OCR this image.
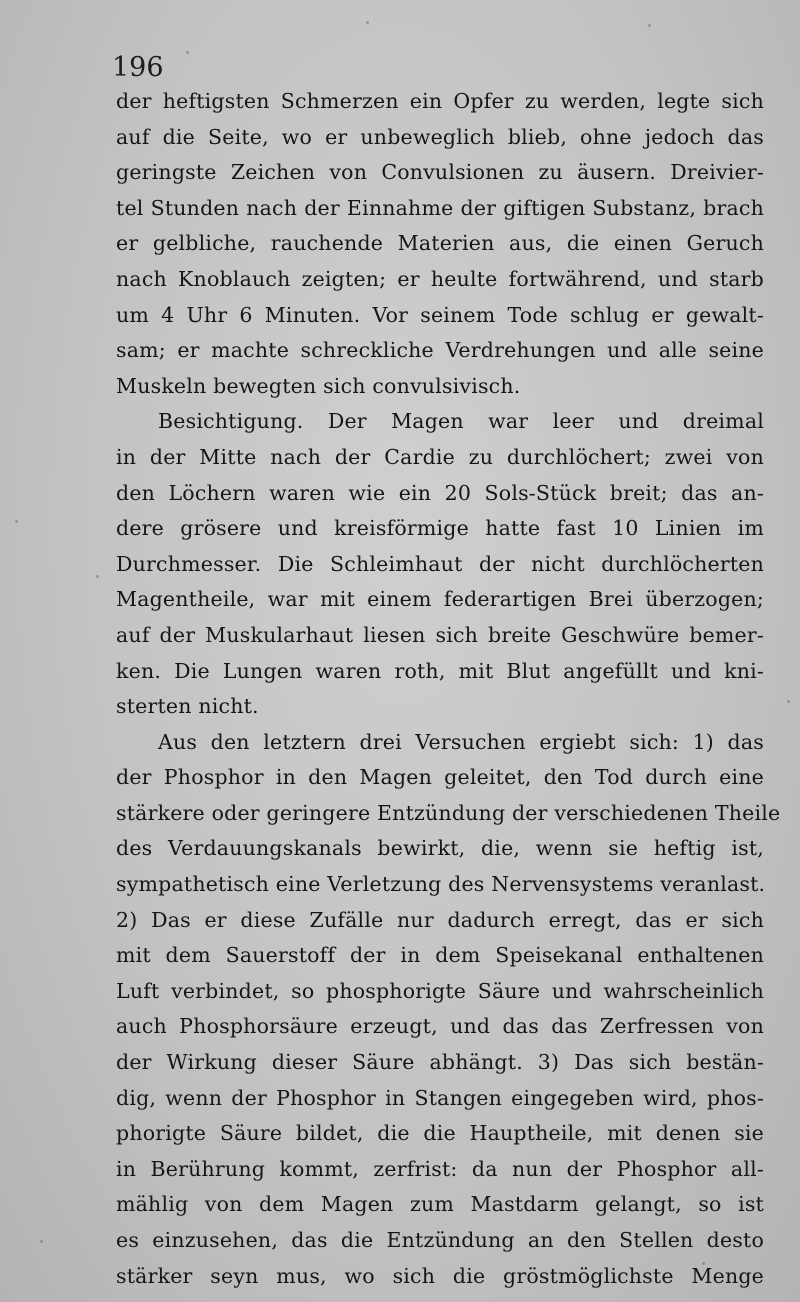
196
der heftigsten Schmerzen ein Opfer zu werden, legte sich
auf die Seite, wo er unbeweglich blieb, ohne jedoch das
geringste Zeichen von Convulsionen zu äusern. Dreivier-
tel Stunden nach der Einnahme der giftigen Substanz, brach
er gelbliche, rauchende Materien aus, die einen Geruch
nach Knoblauch zeigten; er heulte fortwährend, und starb
um 4 Uhr 6 Minuten. Vor seinem Tode schlug er gewalt-
sam; er machte schreckliche Verdrehungen und alle seine
Muskeln bewegten sich convulsivisch.
Besichtigung. Der Magen war leer und dreimal
in der Mitte nach der Cardie zu durchlöchert; zwei von
den Löchern waren wie ein 20 Sols-Stück breit; das an-
dere grösere und kreisförmige hatte fast 10 Linien im
Durchmesser. Die Schleimhaut der nicht durchlöcherten
Magentheile, war mit einem federartigen Brei überzogen;
auf der Muskularhaut liesen sich breite Geschwüre bemer-
ken. Die Lungen waren roth, mit Blut angefüllt und kni-
sterten nicht.
Aus den letztern drei Versuchen ergiebt sich: 1) das
der Phosphor in den Magen geleitet, den Tod durch eine
stärkere oder geringere Entzündung der verschiedenen Theile
des Verdauungskanals bewirkt, die, wenn sie heftig ist,
sympathetisch eine Verletzung des Nervensystems veranlast.
2) Das er diese Zufälle nur dadurch erregt, das er sich
mit dem Sauerstoff der in dem Speisekanal enthaltenen
Luft verbindet, so phosphorigte Säure und wahrscheinlich
auch Phosphorsäure erzeugt, und das das Zerfressen von
der Wirkung dieser Säure abhängt. 3) Das sich bestän-
dig, wenn der Phosphor in Stangen eingegeben wird, phos-
phorigte Säure bildet, die die Hauptheile, mit denen sie
in Berührung kommt, zerfrist: da nun der Phosphor all-
mählig von dem Magen zum Mastdarm gelangt, so ist
es einzusehen, das die Entzündung an den Stellen desto
stärker seyn mus, wo sich die gröstmöglichste Menge
